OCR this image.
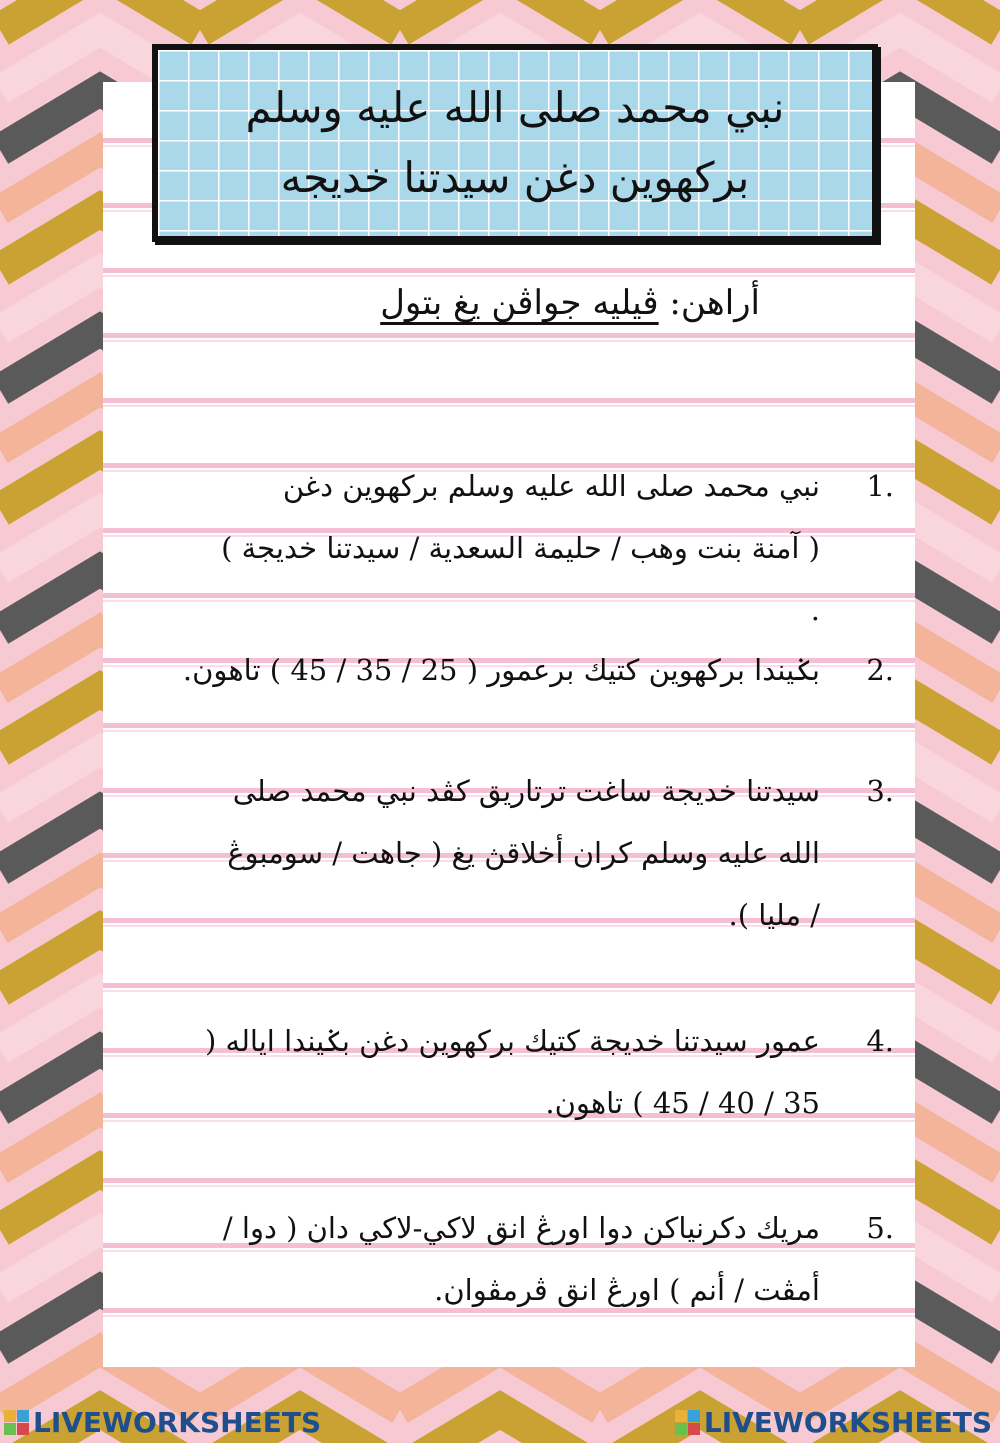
نبي محمد صلى الله عليه وسلم
بركهوين دغن سيدتنا خديجه
أراهن: ڤيليه جواڤن يغ بتول
1.
نبي محمد صلى الله عليه وسلم بركهوين دغن
( آمنة بنت وهب / حليمة السعدية / سيدتنا خديجة )
.
2.
بݢيندا بركهوين كتيك برعمور ( 25 / 35 / 45 ) تاهون.
3.
سيدتنا خديجة ساغت ترتاريق كڤد نبي محمد صلى
الله عليه وسلم كران أخلاقڽ يغ ( جاهت / سومبوڠ
/ مليا ).
4.
عمور سيدتنا خديجة كتيك بركهوين دغن بݢيندا اياله (
35 / 40 / 45 ) تاهون.
5.
مريك دكرنياكن دوا اورڠ انق لاكي-لاكي دان ( دوا /
أمڤت / أنم ) اورڠ انق ڤرمڤوان.
LIVEWORKSHEETS	LIVEWORKSHEETS
